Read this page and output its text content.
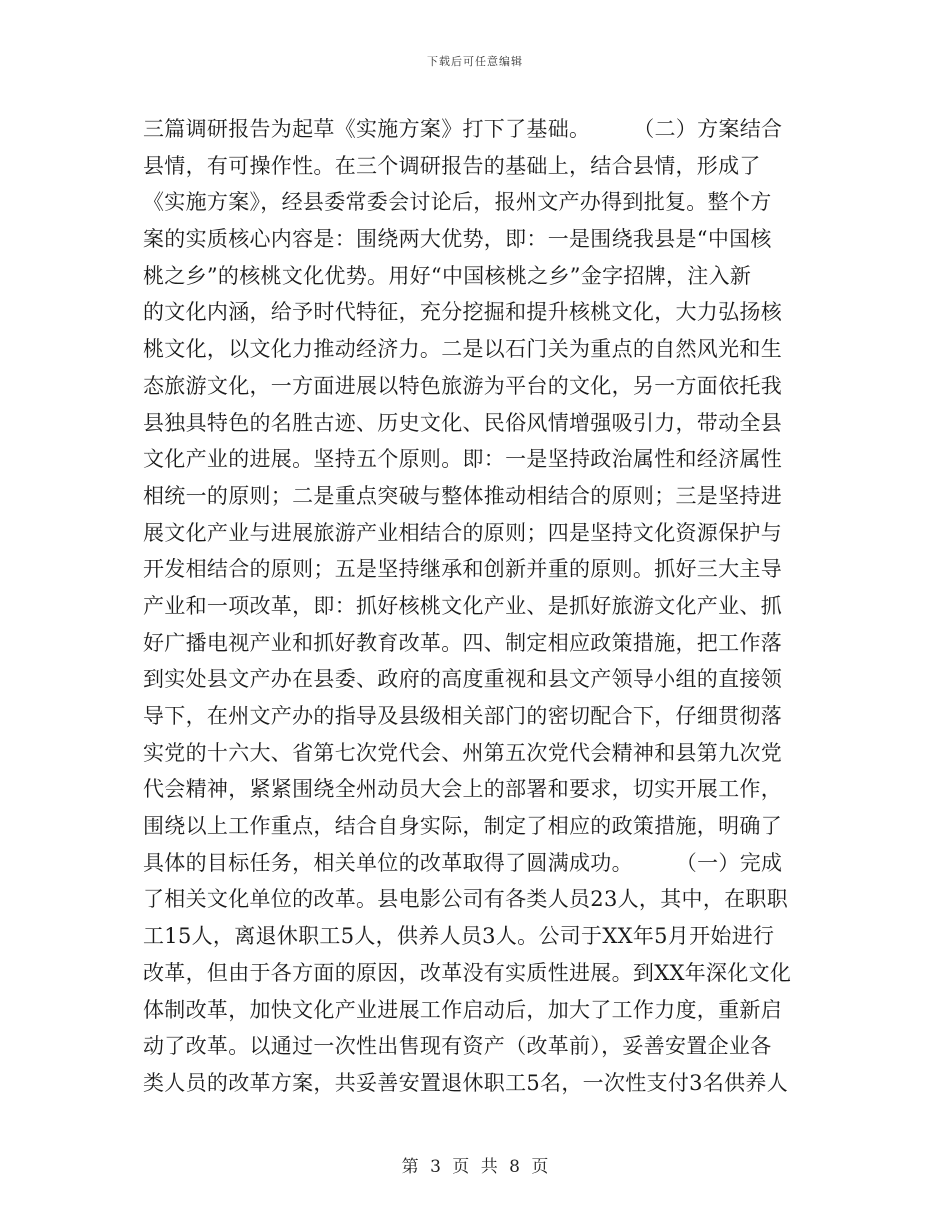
下载后可任意编辑
三篇调研报告为起草《实施方案》打下了基础。　　　（二）方案结合
县情，有可操作性。在三个调研报告的基础上，结合县情，形成了
《实施方案》，经县委常委会讨论后，报州文产办得到批复。整个方
案的实质核心内容是：围绕两大优势，即：一是围绕我县是“中国核
桃之乡”的核桃文化优势。用好“中国核桃之乡”金字招牌，注入新
的文化内涵，给予时代特征，充分挖掘和提升核桃文化，大力弘扬核
桃文化，以文化力推动经济力。二是以石门关为重点的自然风光和生
态旅游文化，一方面进展以特色旅游为平台的文化，另一方面依托我
县独具特色的名胜古迹、历史文化、民俗风情增强吸引力，带动全县
文化产业的进展。坚持五个原则。即：一是坚持政治属性和经济属性
相统一的原则；二是重点突破与整体推动相结合的原则；三是坚持进
展文化产业与进展旅游产业相结合的原则；四是坚持文化资源保护与
开发相结合的原则；五是坚持继承和创新并重的原则。抓好三大主导
产业和一项改革，即：抓好核桃文化产业、是抓好旅游文化产业、抓
好广播电视产业和抓好教育改革。四、制定相应政策措施，把工作落
到实处县文产办在县委、政府的高度重视和县文产领导小组的直接领
导下，在州文产办的指导及县级相关部门的密切配合下，仔细贯彻落
实党的十六大、省第七次党代会、州第五次党代会精神和县第九次党
代会精神，紧紧围绕全州动员大会上的部署和要求，切实开展工作，
围绕以上工作重点，结合自身实际，制定了相应的政策措施，明确了
具体的目标任务，相关单位的改革取得了圆满成功。　　　（一）完成
了相关文化单位的改革。县电影公司有各类人员23人，其中，在职职
工15人，离退休职工5人，供养人员3人。公司于XX年5月开始进行
改革，但由于各方面的原因，改革没有实质性进展。到XX年深化文化
体制改革，加快文化产业进展工作启动后，加大了工作力度，重新启
动了改革。以通过一次性出售现有资产（改革前），妥善安置企业各
类人员的改革方案，共妥善安置退休职工5名，一次性支付3名供养人
第 3 页 共 8 页
